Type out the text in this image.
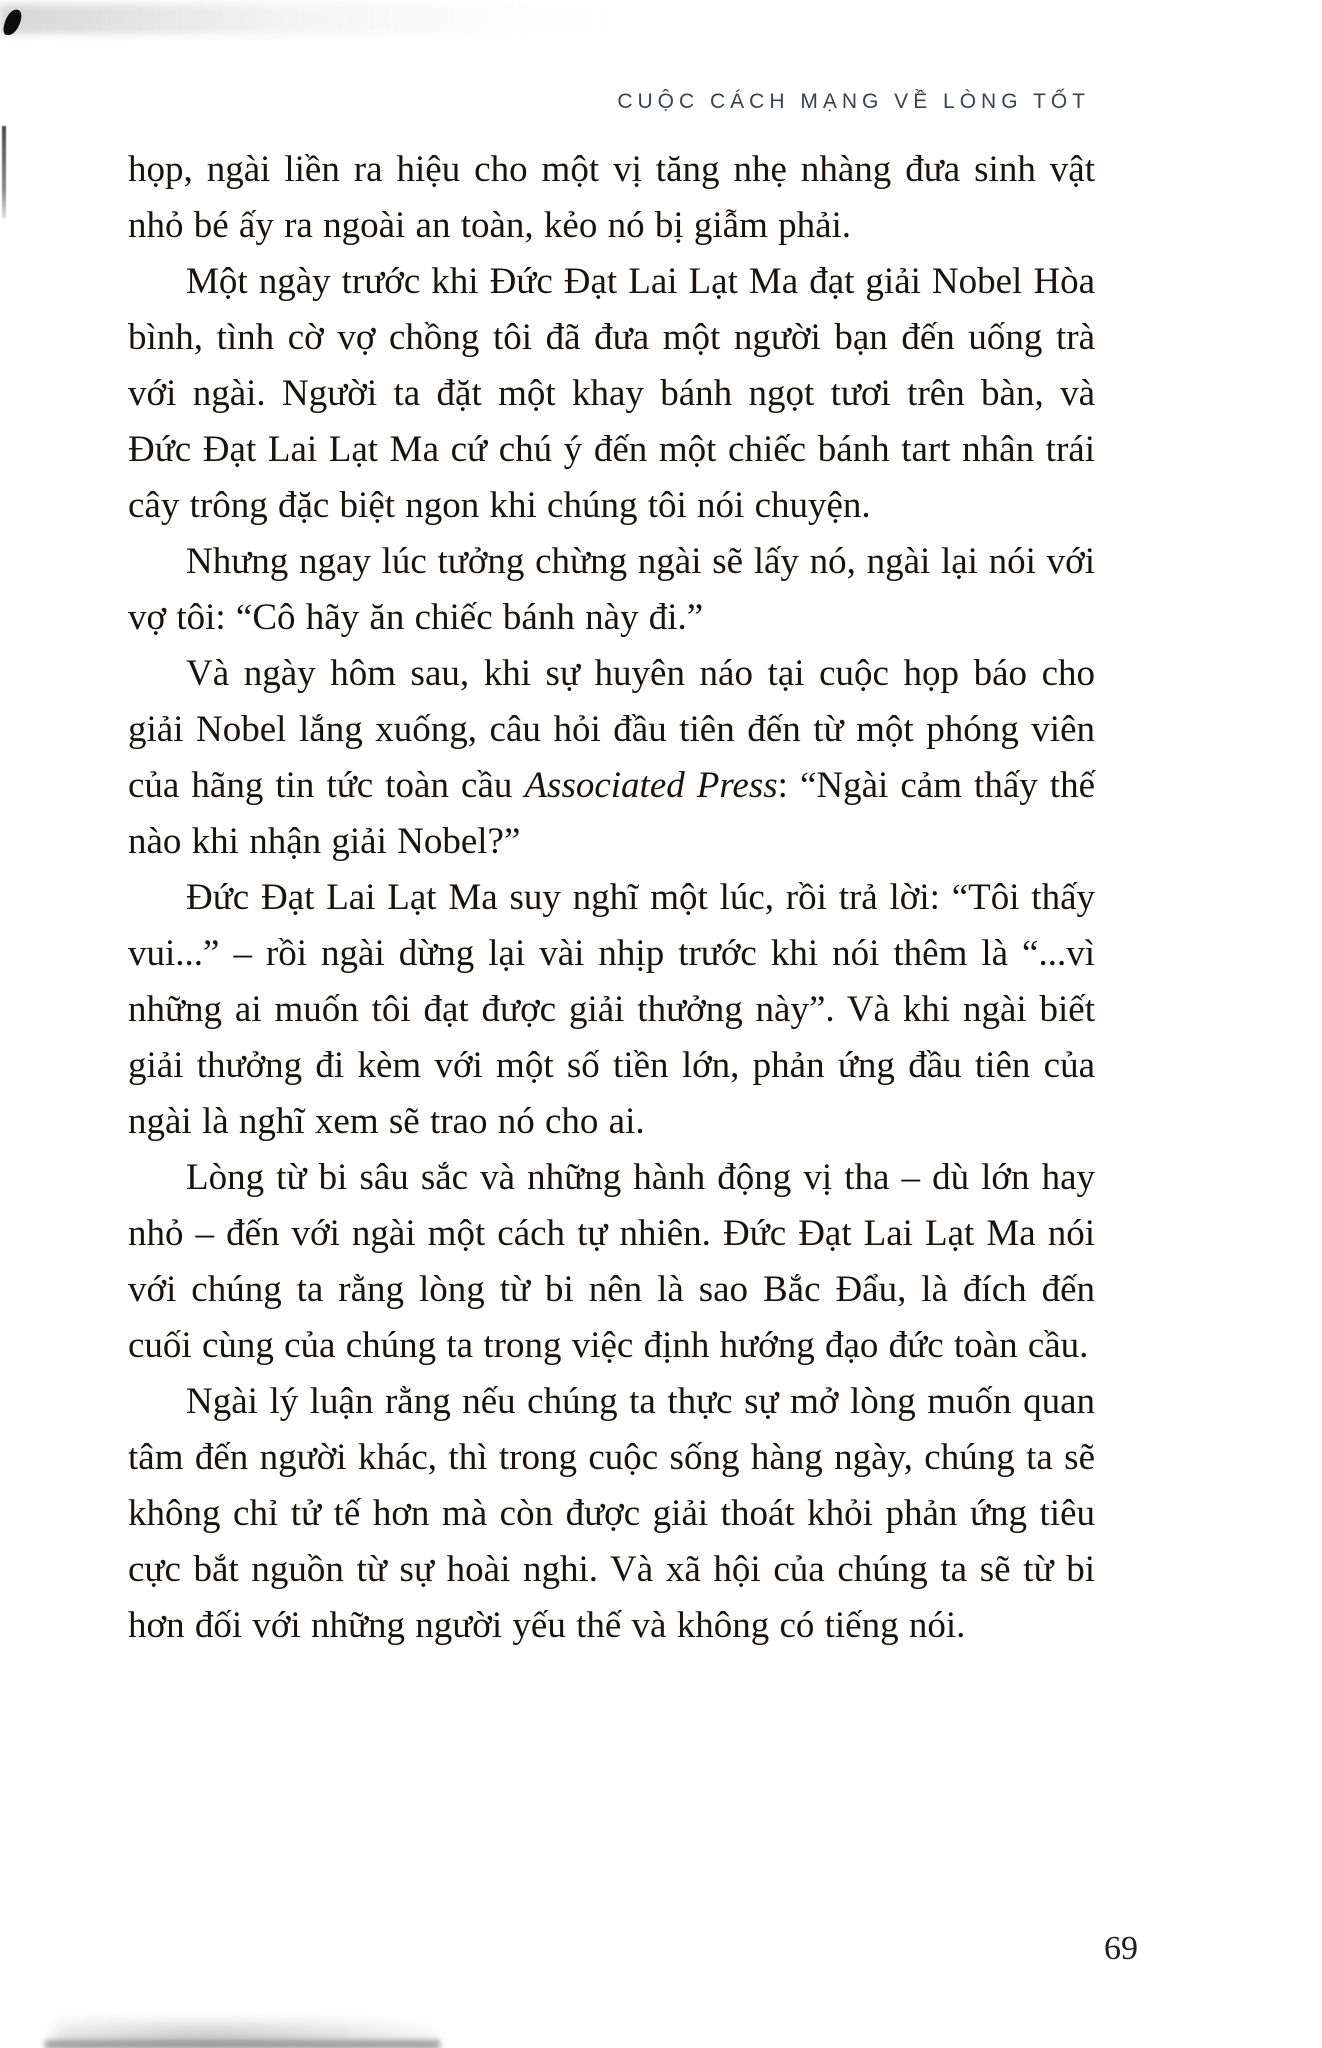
CUỘC CÁCH MẠNG VỀ LÒNG TỐT

họp, ngài liền ra hiệu cho một vị tăng nhẹ nhàng đưa sinh vật nhỏ bé ấy ra ngoài an toàn, kẻo nó bị giẫm phải.

Một ngày trước khi Đức Đạt Lai Lạt Ma đạt giải Nobel Hòa bình, tình cờ vợ chồng tôi đã đưa một người bạn đến uống trà với ngài. Người ta đặt một khay bánh ngọt tươi trên bàn, và Đức Đạt Lai Lạt Ma cứ chú ý đến một chiếc bánh tart nhân trái cây trông đặc biệt ngon khi chúng tôi nói chuyện.

Nhưng ngay lúc tưởng chừng ngài sẽ lấy nó, ngài lại nói với vợ tôi: “Cô hãy ăn chiếc bánh này đi.”

Và ngày hôm sau, khi sự huyên náo tại cuộc họp báo cho giải Nobel lắng xuống, câu hỏi đầu tiên đến từ một phóng viên của hãng tin tức toàn cầu Associated Press: “Ngài cảm thấy thế nào khi nhận giải Nobel?”

Đức Đạt Lai Lạt Ma suy nghĩ một lúc, rồi trả lời: “Tôi thấy vui...” – rồi ngài dừng lại vài nhịp trước khi nói thêm là “...vì những ai muốn tôi đạt được giải thưởng này”. Và khi ngài biết giải thưởng đi kèm với một số tiền lớn, phản ứng đầu tiên của ngài là nghĩ xem sẽ trao nó cho ai.

Lòng từ bi sâu sắc và những hành động vị tha – dù lớn hay nhỏ – đến với ngài một cách tự nhiên. Đức Đạt Lai Lạt Ma nói với chúng ta rằng lòng từ bi nên là sao Bắc Đẩu, là đích đến cuối cùng của chúng ta trong việc định hướng đạo đức toàn cầu.

Ngài lý luận rằng nếu chúng ta thực sự mở lòng muốn quan tâm đến người khác, thì trong cuộc sống hàng ngày, chúng ta sẽ không chỉ tử tế hơn mà còn được giải thoát khỏi phản ứng tiêu cực bắt nguồn từ sự hoài nghi. Và xã hội của chúng ta sẽ từ bi hơn đối với những người yếu thế và không có tiếng nói.

69
